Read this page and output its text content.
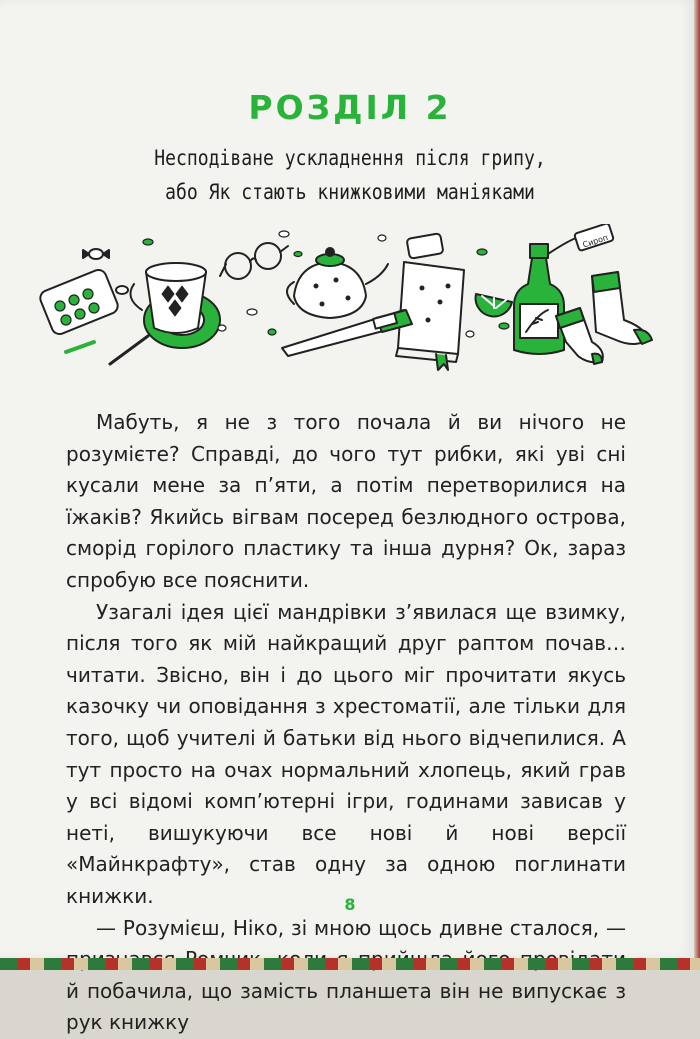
РОЗДІЛ 2
Несподіване ускладнення після грипу,
або Як стають книжковими маніяками
Сироп

Мабуть, я не з того почала й ви нічого не розумієте? Справді, до чого тут рибки, які уві сні кусали мене за п’яти, а потім перетворилися на їжаків? Якийсь вігвам посеред безлюдного острова, сморід горілого пластику та інша дурня? Ок, зараз спробую все пояснити.

Узагалі ідея цієї мандрівки з’явилася ще взимку, після того як мій найкращий друг раптом почав… читати. Звісно, він і до цього міг прочитати якусь казочку чи оповідання з хрестоматії, але тільки для того, щоб учителі й батьки від нього відчепилися. А тут просто на очах нормальний хлопець, який грав у всі відомі комп’ютерні ігри, годинами зависав у неті, вишукуючи все нові й нові версії «Майнкрафту», став одну за одною поглинати книжки.

— Розумієш, Ніко, зі мною щось дивне сталося, — й побачила, що замість планшета він не випускає з рук книжку

8
